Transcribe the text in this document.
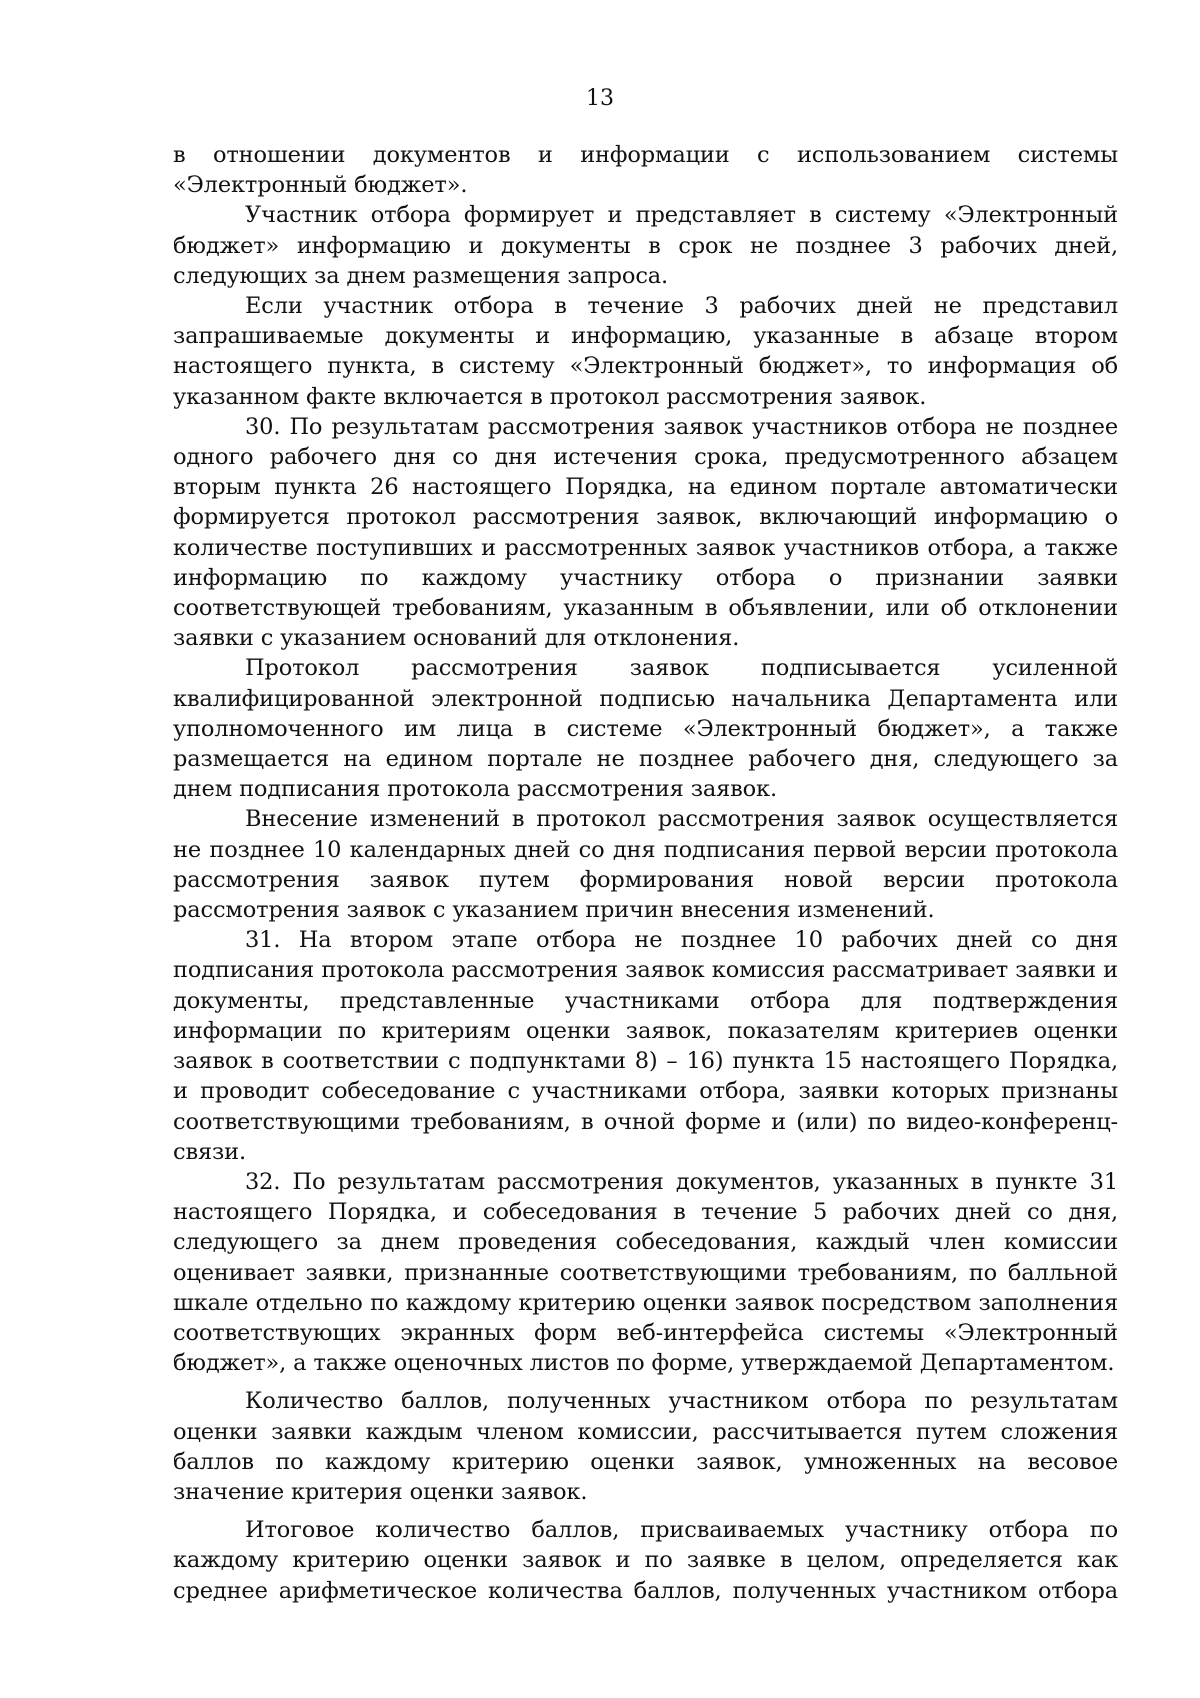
13

в отношении документов и информации с использованием системы «Электронный бюджет».

Участник отбора формирует и представляет в систему «Электронный бюджет» информацию и документы в срок не позднее 3 рабочих дней, следующих за днем размещения запроса.

Если участник отбора в течение 3 рабочих дней не представил запрашиваемые документы и информацию, указанные в абзаце втором настоящего пункта, в систему «Электронный бюджет», то информация об указанном факте включается в протокол рассмотрения заявок.

30. По результатам рассмотрения заявок участников отбора не позднее одного рабочего дня со дня истечения срока, предусмотренного абзацем вторым пункта 26 настоящего Порядка, на едином портале автоматически формируется протокол рассмотрения заявок, включающий информацию о количестве поступивших и рассмотренных заявок участников отбора, а также информацию по каждому участнику отбора о признании заявки соответствующей требованиям, указанным в объявлении, или об отклонении заявки с указанием оснований для отклонения.

Протокол рассмотрения заявок подписывается усиленной квалифицированной электронной подписью начальника Департамента или уполномоченного им лица в системе «Электронный бюджет», а также размещается на едином портале не позднее рабочего дня, следующего за днем подписания протокола рассмотрения заявок.

Внесение изменений в протокол рассмотрения заявок осуществляется не позднее 10 календарных дней со дня подписания первой версии протокола рассмотрения заявок путем формирования новой версии протокола рассмотрения заявок с указанием причин внесения изменений.

31. На втором этапе отбора не позднее 10 рабочих дней со дня подписания протокола рассмотрения заявок комиссия рассматривает заявки и документы, представленные участниками отбора для подтверждения информации по критериям оценки заявок, показателям критериев оценки заявок в соответствии с подпунктами 8) – 16) пункта 15 настоящего Порядка, и проводит собеседование с участниками отбора, заявки которых признаны соответствующими требованиям, в очной форме и (или) по видео-конференц-связи.

32. По результатам рассмотрения документов, указанных в пункте 31 настоящего Порядка, и собеседования в течение 5 рабочих дней со дня, следующего за днем проведения собеседования, каждый член комиссии оценивает заявки, признанные соответствующими требованиям, по балльной шкале отдельно по каждому критерию оценки заявок посредством заполнения соответствующих экранных форм веб-интерфейса системы «Электронный бюджет», а также оценочных листов по форме, утверждаемой Департаментом.

Количество баллов, полученных участником отбора по результатам оценки заявки каждым членом комиссии, рассчитывается путем сложения баллов по каждому критерию оценки заявок, умноженных на весовое значение критерия оценки заявок.

Итоговое количество баллов, присваиваемых участнику отбора по каждому критерию оценки заявок и по заявке в целом, определяется как среднее арифметическое количества баллов, полученных участником отбора
